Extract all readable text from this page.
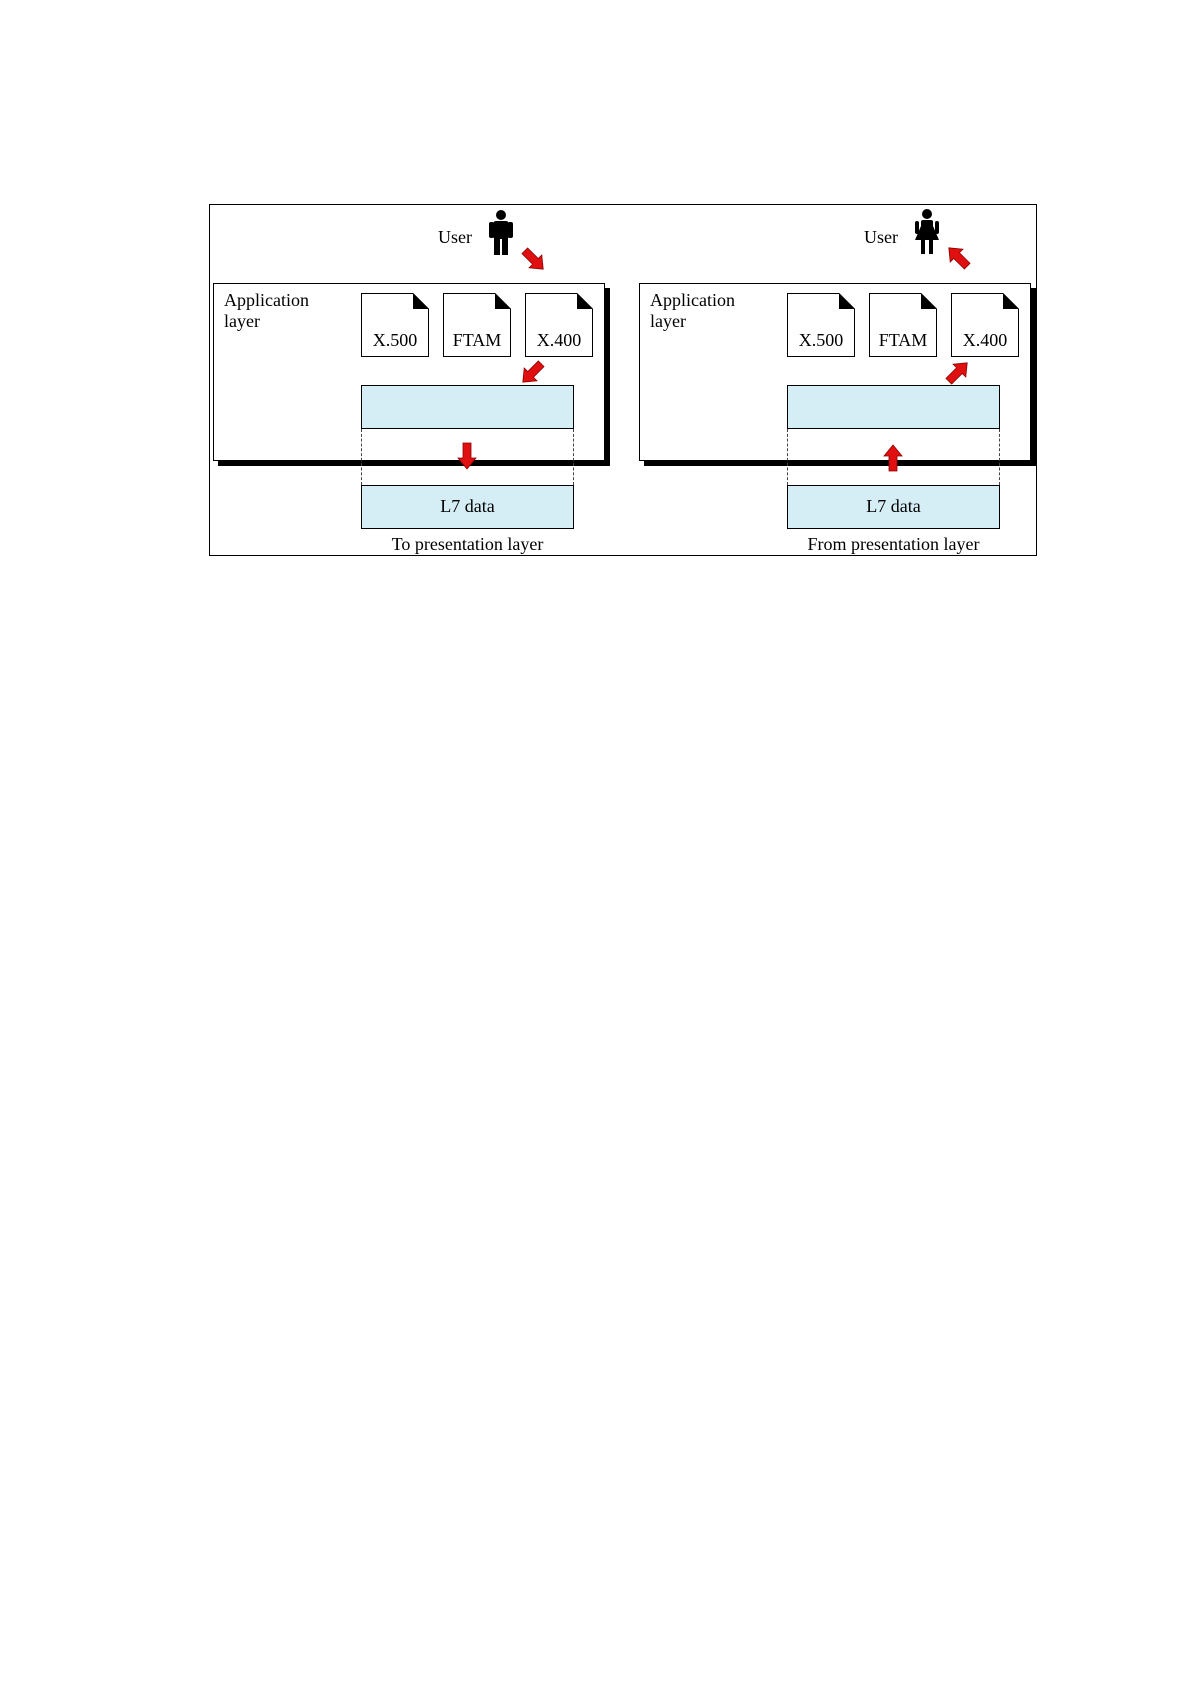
Application
layer
User
X.500	FTAM	X.400
L7 data
To presentation layer
Application
layer
User
X.500	FTAM	X.400
L7 data
From presentation layer
